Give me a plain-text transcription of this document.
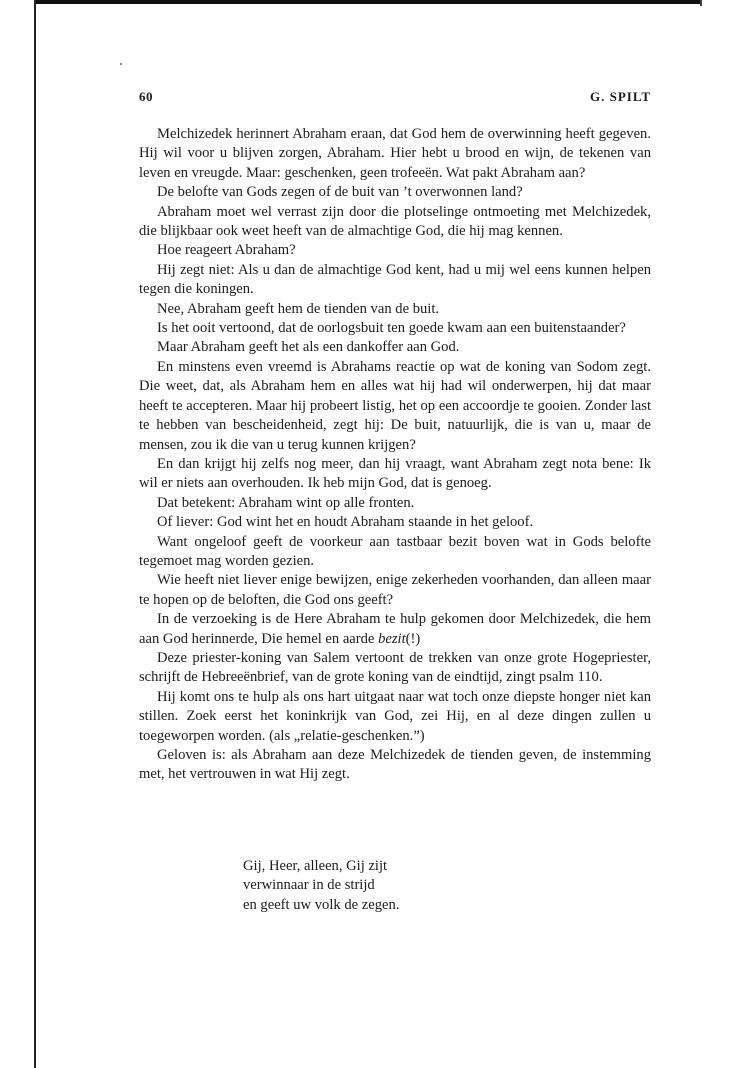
60	G. SPILT

Melchizedek herinnert Abraham eraan, dat God hem de overwinning heeft gegeven. Hij wil voor u blijven zorgen, Abraham. Hier hebt u brood en wijn, de tekenen van leven en vreugde. Maar: geschenken, geen trofeeën. Wat pakt Abraham aan?

De belofte van Gods zegen of de buit van ’t overwonnen land?

Abraham moet wel verrast zijn door die plotselinge ontmoeting met Melchizedek, die blijkbaar ook weet heeft van de almachtige God, die hij mag kennen.

Hoe reageert Abraham?

Hij zegt niet: Als u dan de almachtige God kent, had u mij wel eens kunnen helpen tegen die koningen.

Nee, Abraham geeft hem de tienden van de buit.

Is het ooit vertoond, dat de oorlogsbuit ten goede kwam aan een buitenstaander?

Maar Abraham geeft het als een dankoffer aan God.

En minstens even vreemd is Abrahams reactie op wat de koning van Sodom zegt. Die weet, dat, als Abraham hem en alles wat hij had wil onderwerpen, hij dat maar heeft te accepteren. Maar hij probeert listig, het op een accoordje te gooien. Zonder last te hebben van bescheidenheid, zegt hij: De buit, natuurlijk, die is van u, maar de mensen, zou ik die van u terug kunnen krijgen?

En dan krijgt hij zelfs nog meer, dan hij vraagt, want Abraham zegt nota bene: Ik wil er niets aan overhouden. Ik heb mijn God, dat is genoeg.

Dat betekent: Abraham wint op alle fronten.

Of liever: God wint het en houdt Abraham staande in het geloof.

Want ongeloof geeft de voorkeur aan tastbaar bezit boven wat in Gods belofte tegemoet mag worden gezien.

Wie heeft niet liever enige bewijzen, enige zekerheden voorhanden, dan alleen maar te hopen op de beloften, die God ons geeft?

In de verzoeking is de Here Abraham te hulp gekomen door Melchizedek, die hem aan God herinnerde, Die hemel en aarde bezit(!)

Deze priester-koning van Salem vertoont de trekken van onze grote Hogepriester, schrijft de Hebreeënbrief, van de grote koning van de eindtijd, zingt psalm 110.

Hij komt ons te hulp als ons hart uitgaat naar wat toch onze diepste honger niet kan stillen. Zoek eerst het koninkrijk van God, zei Hij, en al deze dingen zullen u toegeworpen worden. (als „relatie-geschenken.”)

Geloven is: als Abraham aan deze Melchizedek de tienden geven, de instemming met, het vertrouwen in wat Hij zegt.

Gij, Heer, alleen, Gij zijt
verwinnaar in de strijd
en geeft uw volk de zegen.
